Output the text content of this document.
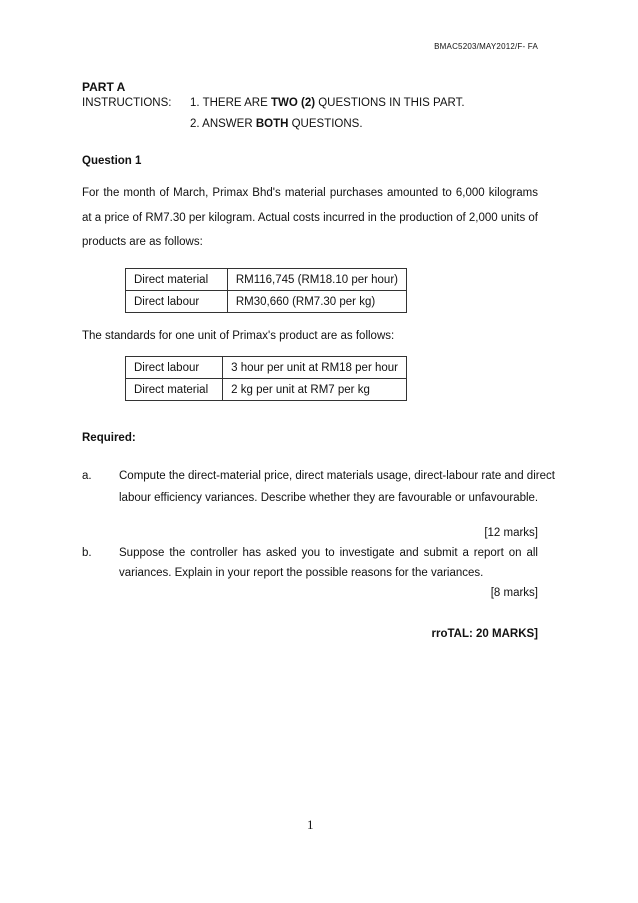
BMAC5203/MAY2012/F- FA
PART A
INSTRUCTIONS: 1. THERE ARE TWO (2) QUESTIONS IN THIS PART.
2. ANSWER BOTH QUESTIONS.
Question 1
For the month of March, Primax Bhd's material purchases amounted to 6,000 kilograms
at a price of RM7.30 per kilogram. Actual costs incurred in the production of 2,000 units of
products are as follows:
Direct material	RM116,745 (RM18.10 per hour)
Direct labour	RM30,660 (RM7.30 per kg)
The standards for one unit of Primax's product are as follows:
Direct labour	3 hour per unit at RM18 per hour
Direct material	2 kg per unit at RM7 per kg
Required:
a. Compute the direct-material price, direct materials usage, direct-labour rate and direct
labour efficiency variances. Describe whether they are favourable or unfavourable.
[12 marks]
b. Suppose the controller has asked you to investigate and submit a report on all
variances. Explain in your report the possible reasons for the variances.
[8 marks]
rroTAL: 20 MARKS]
1
